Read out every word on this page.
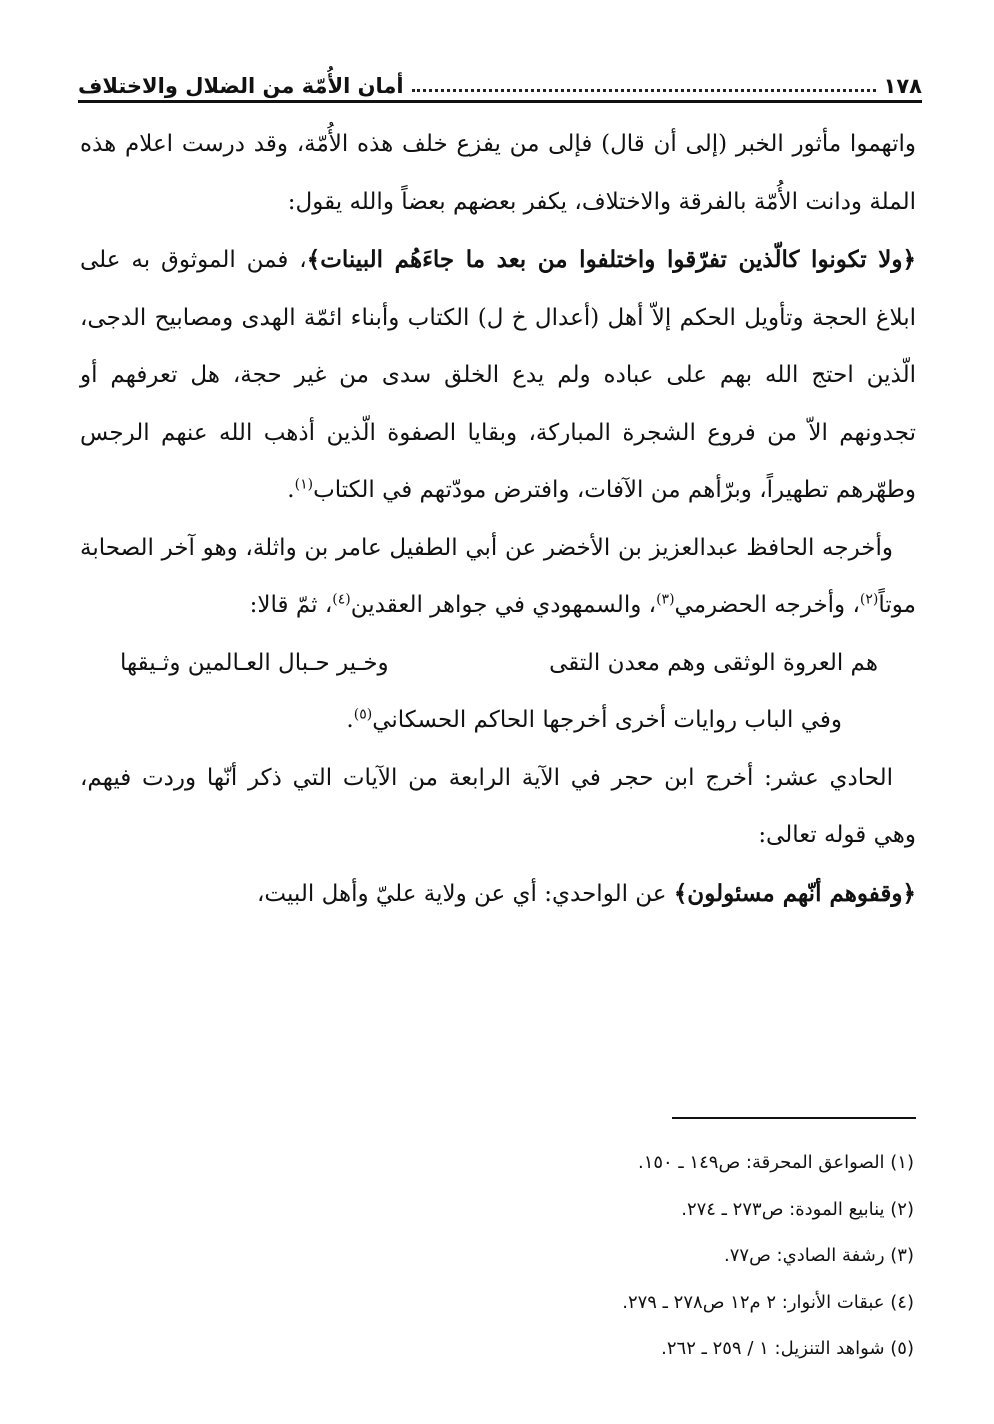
١٧٨
أمان الأُمّة من الضلال والاختلاف

واتهموا مأثور الخبر (إلى أن قال) فإلى من يفزع خلف هذه الأُمّة، وقد درست اعلام هذه الملة ودانت الأُمّة بالفرقة والاختلاف، يكفر بعضهم بعضاً والله يقول:

﴿ولا تكونوا كالّذين تفرّقوا واختلفوا من بعد ما جاءَهُم البينات﴾، فمن الموثوق به على ابلاغ الحجة وتأويل الحكم إلاّ أهل (أعدال خ ل) الكتاب وأبناء ائمّة الهدى ومصابيح الدجى، الّذين احتج الله بهم على عباده ولم يدع الخلق سدى من غير حجة، هل تعرفهم أو تجدونهم الاّ من فروع الشجرة المباركة، وبقايا الصفوة الّذين أذهب الله عنهم الرجس وطهّرهم تطهيراً، وبرّأهم من الآفات، وافترض مودّتهم في الكتاب$^{(١)}$.

 وأخرجه الحافظ عبدالعزيز بن الأخضر عن أبي الطفيل عامر بن واثلة، وهو آخر الصحابة موتاً$^{(٢)}$، وأخرجه الحضرمي$^{(٣)}$، والسمهودي في جواهر العقدين$^{(٤)}$، ثمّ قالا:

هم العروة الوثقى وهم معدن التقى
وخـير حـبال العـالمين وثـيقها

وفي الباب روايات أخرى أخرجها الحاكم الحسكاني$^{(٥)}$.

 الحادي عشر: أخرج ابن حجر في الآية الرابعة من الآيات التي ذكر أنّها وردت فيهم، وهي قوله تعالى:

﴿وقفوهم أنّهم مسئولون﴾ عن الواحدي: أي عن ولاية عليّ وأهل البيت،

(١) الصواعق المحرقة: ص١٤٩ ـ ١٥٠.
(٢) ينابيع المودة: ص٢٧٣ ـ ٢٧٤.
(٣) رشفة الصادي: ص٧٧.
(٤) عبقات الأنوار: ٢ م١٢ ص٢٧٨ ـ ٢٧٩.
(٥) شواهد التنزيل: ١ / ٢٥٩ ـ ٢٦٢.
